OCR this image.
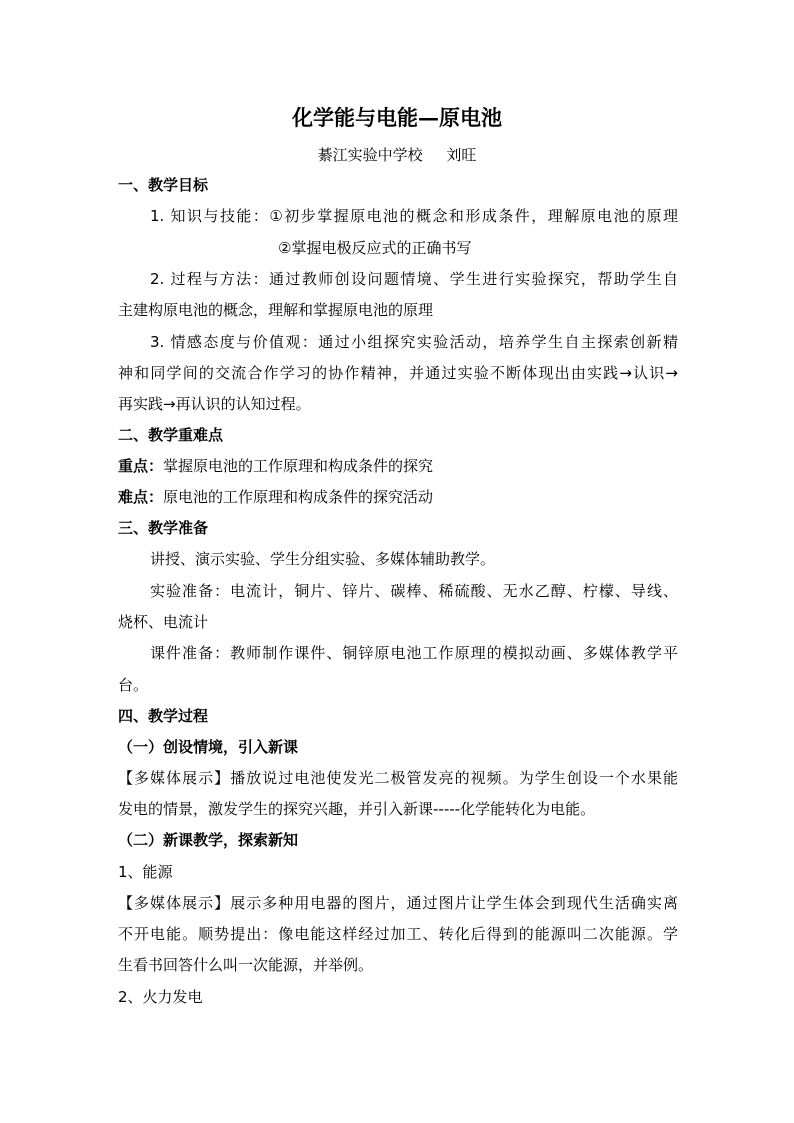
化学能与电能—原电池
綦江实验中学校     刘旺
一、教学目标
1. 知识与技能：①初步掌握原电池的概念和形成条件，理解原电池的原理
②掌握电极反应式的正确书写
2. 过程与方法：通过教师创设问题情境、学生进行实验探究，帮助学生自
主建构原电池的概念，理解和掌握原电池的原理
3. 情感态度与价值观：通过小组探究实验活动，培养学生自主探索创新精
神和同学间的交流合作学习的协作精神，并通过实验不断体现出由实践→认识→
再实践→再认识的认知过程。
二、教学重难点
重点：掌握原电池的工作原理和构成条件的探究
难点：原电池的工作原理和构成条件的探究活动
三、教学准备
讲授、演示实验、学生分组实验、多媒体辅助教学。
实验准备：电流计，铜片、锌片、碳棒、稀硫酸、无水乙醇、柠檬、导线、
烧杯、电流计
课件准备：教师制作课件、铜锌原电池工作原理的模拟动画、多媒体教学平
台。
四、教学过程
（一）创设情境，引入新课
【多媒体展示】播放说过电池使发光二极管发亮的视频。为学生创设一个水果能
发电的情景，激发学生的探究兴趣，并引入新课-----化学能转化为电能。
（二）新课教学，探索新知
1、能源
【多媒体展示】展示多种用电器的图片，通过图片让学生体会到现代生活确实离
不开电能。顺势提出：像电能这样经过加工、转化后得到的能源叫二次能源。学
生看书回答什么叫一次能源，并举例。
2、火力发电
